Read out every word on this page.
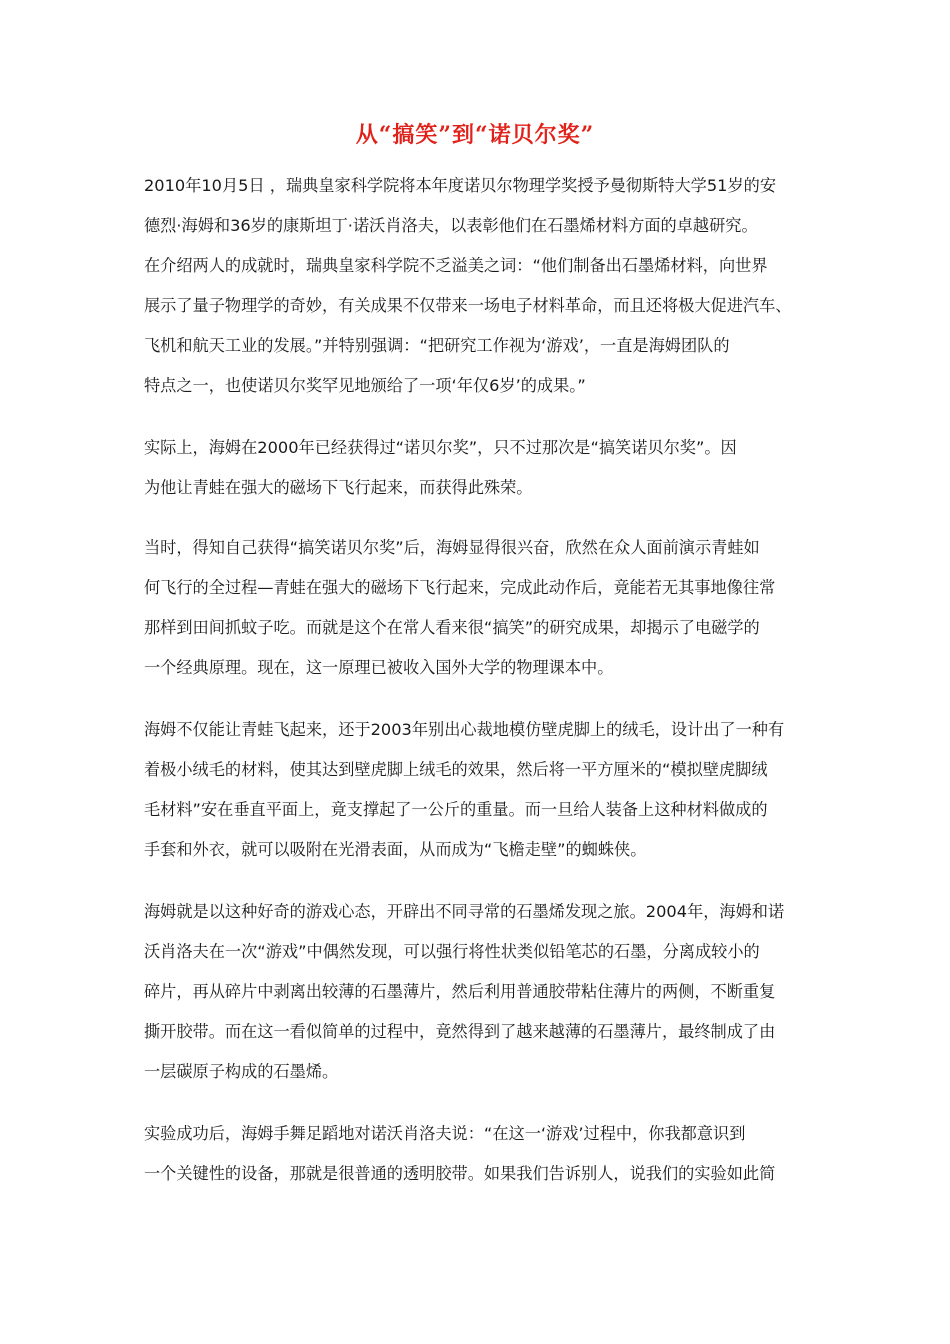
从“搞笑”到“诺贝尔奖”
2010年10月5日 ，瑞典皇家科学院将本年度诺贝尔物理学奖授予曼彻斯特大学51岁的安
德烈·海姆和36岁的康斯坦丁·诺沃肖洛夫，以表彰他们在石墨烯材料方面的卓越研究。
在介绍两人的成就时，瑞典皇家科学院不乏溢美之词：“他们制备出石墨烯材料，向世界
展示了量子物理学的奇妙，有关成果不仅带来一场电子材料革命，而且还将极大促进汽车、
飞机和航天工业的发展。”并特别强调：“把研究工作视为‘游戏’，一直是海姆团队的
特点之一，也使诺贝尔奖罕见地颁给了一项‘年仅6岁’的成果。”
实际上，海姆在2000年已经获得过“诺贝尔奖”，只不过那次是“搞笑诺贝尔奖”。因
为他让青蛙在强大的磁场下飞行起来，而获得此殊荣。
当时，得知自己获得“搞笑诺贝尔奖”后，海姆显得很兴奋，欣然在众人面前演示青蛙如
何飞行的全过程—青蛙在强大的磁场下飞行起来，完成此动作后，竟能若无其事地像往常
那样到田间抓蚊子吃。而就是这个在常人看来很“搞笑”的研究成果，却揭示了电磁学的
一个经典原理。现在，这一原理已被收入国外大学的物理课本中。
海姆不仅能让青蛙飞起来，还于2003年别出心裁地模仿壁虎脚上的绒毛，设计出了一种有
着极小绒毛的材料，使其达到壁虎脚上绒毛的效果，然后将一平方厘米的“模拟壁虎脚绒
毛材料”安在垂直平面上，竟支撑起了一公斤的重量。而一旦给人装备上这种材料做成的
手套和外衣，就可以吸附在光滑表面，从而成为“飞檐走壁”的蜘蛛侠。
海姆就是以这种好奇的游戏心态，开辟出不同寻常的石墨烯发现之旅。2004年，海姆和诺
沃肖洛夫在一次“游戏”中偶然发现，可以强行将性状类似铅笔芯的石墨，分离成较小的
碎片，再从碎片中剥离出较薄的石墨薄片，然后利用普通胶带粘住薄片的两侧，不断重复
撕开胶带。而在这一看似简单的过程中，竟然得到了越来越薄的石墨薄片，最终制成了由
一层碳原子构成的石墨烯。
实验成功后，海姆手舞足蹈地对诺沃肖洛夫说：“在这一‘游戏’过程中，你我都意识到
一个关键性的设备，那就是很普通的透明胶带。如果我们告诉别人，说我们的实验如此简
